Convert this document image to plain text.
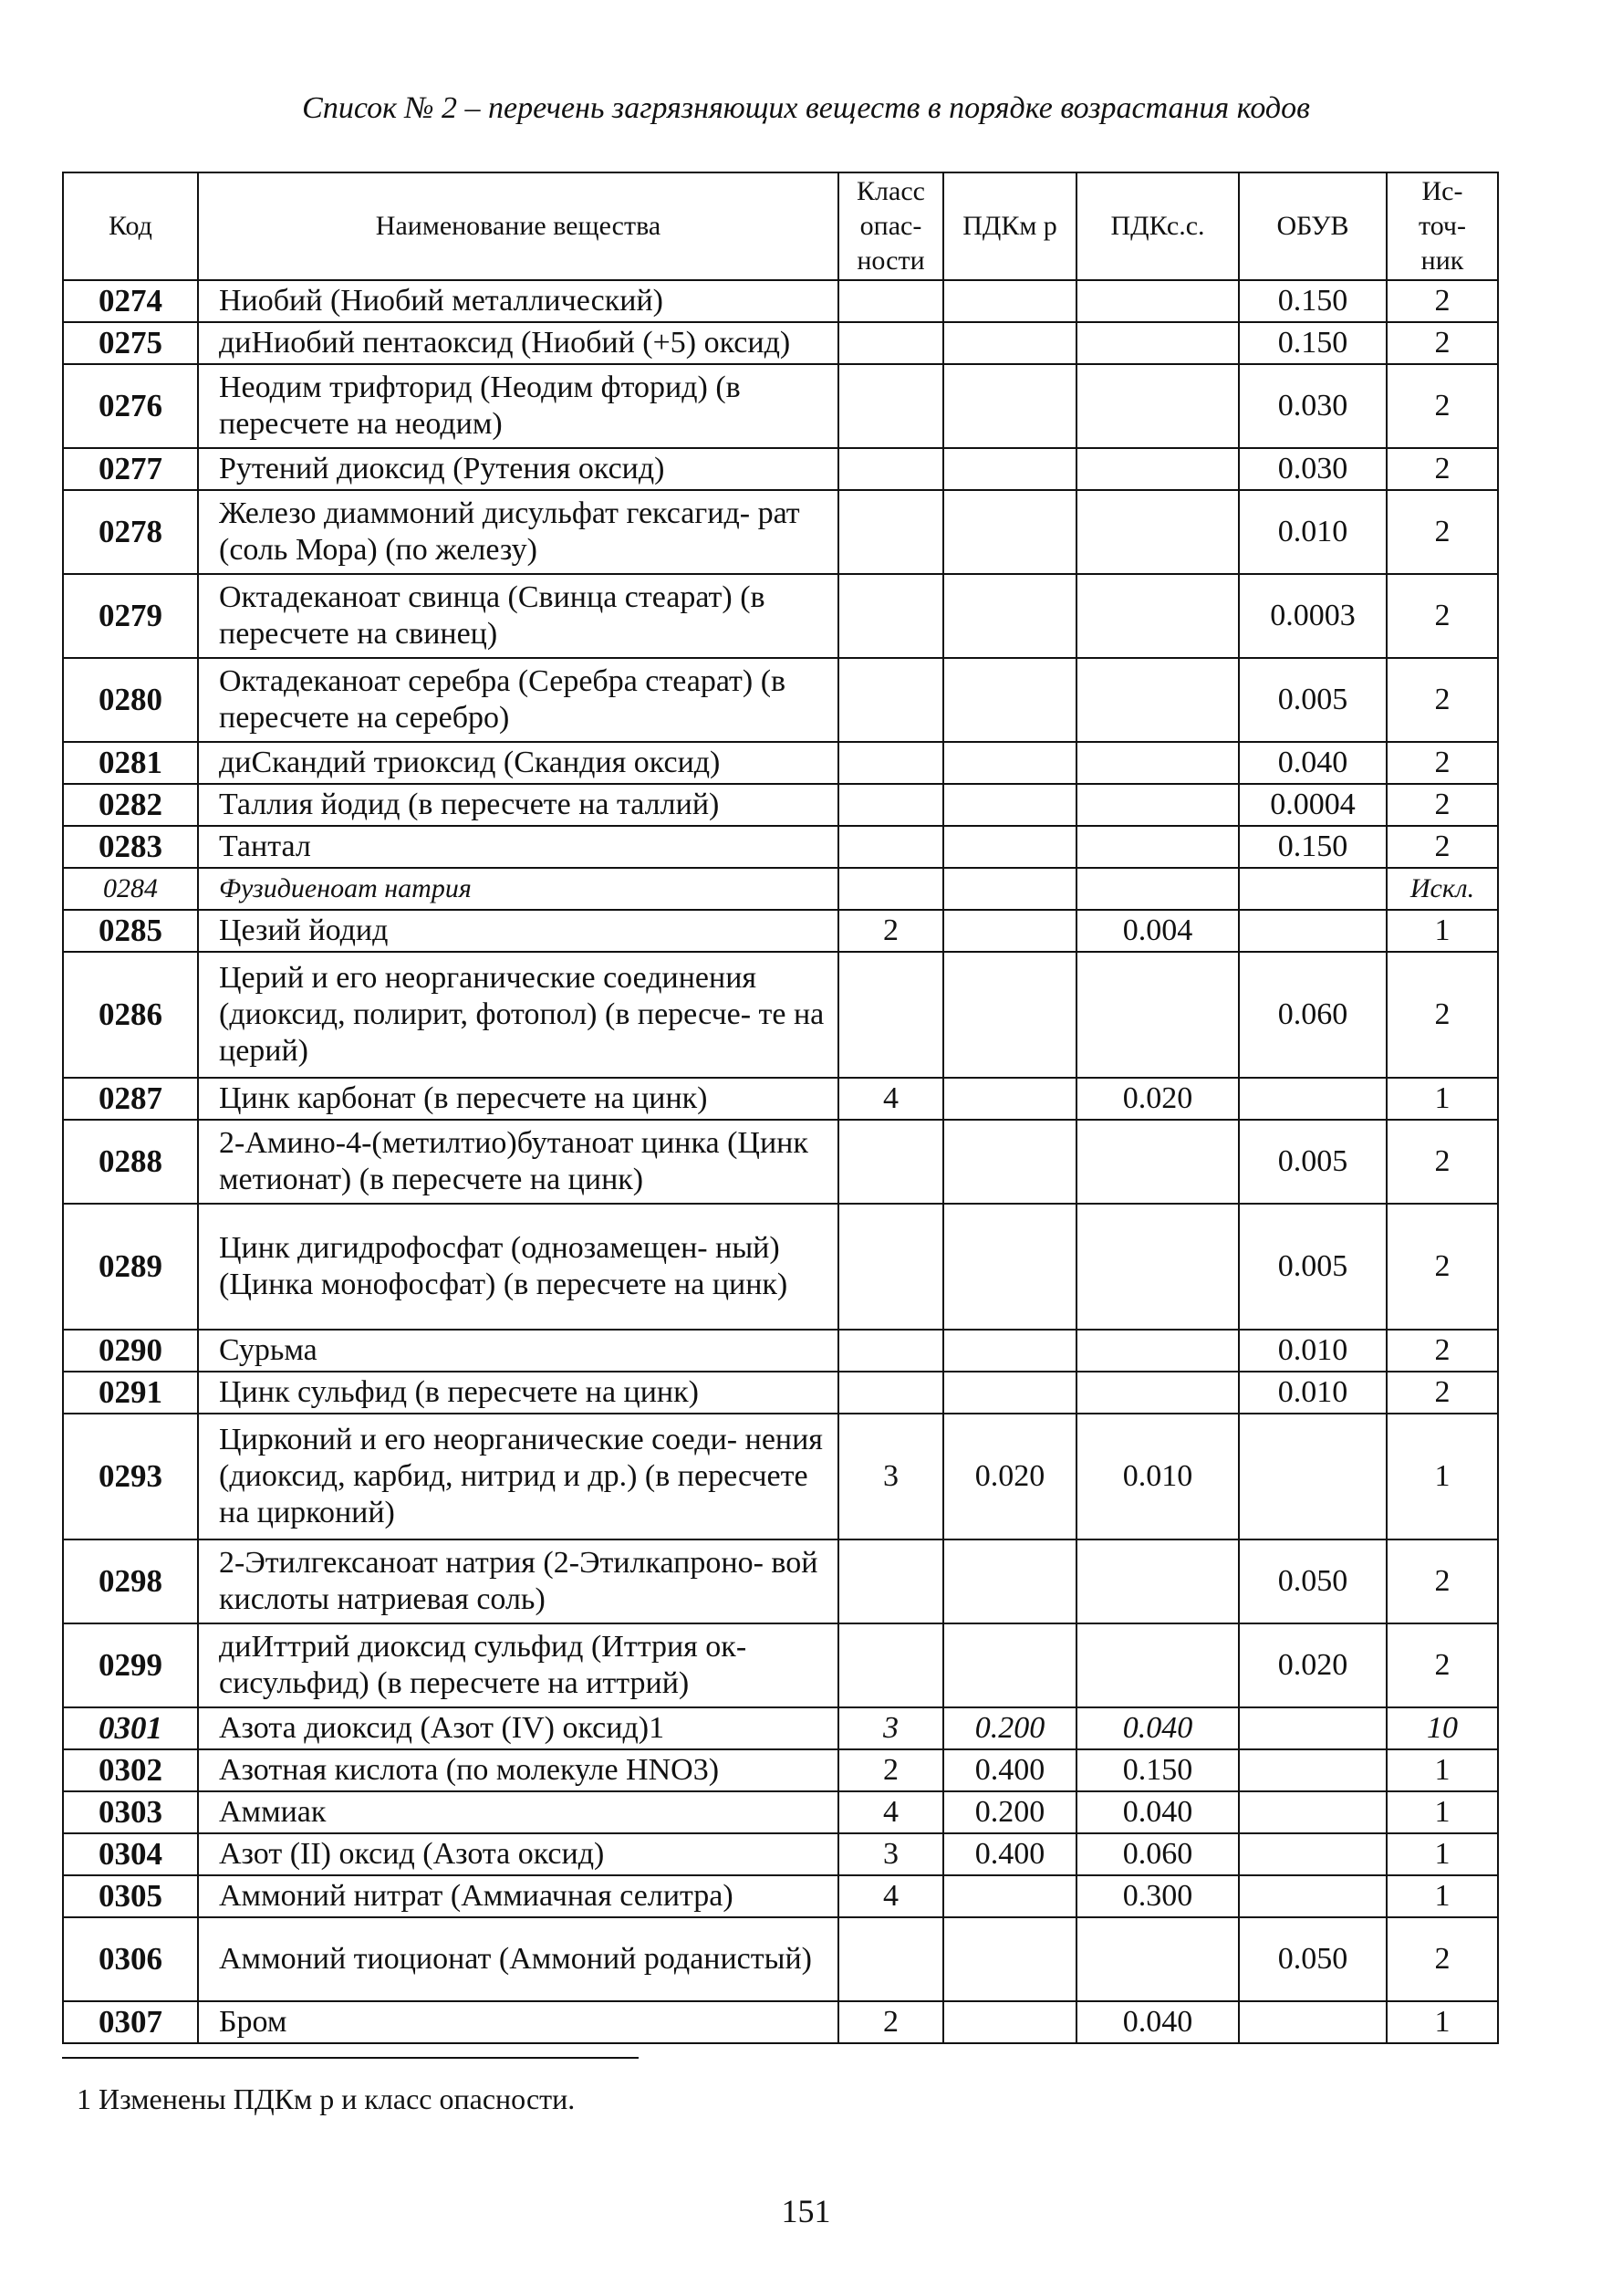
Список № 2 – перечень загрязняющих веществ в порядке возрастания кодов
Код	Наименование вещества	Класс опас- ности	ПДКм р	ПДКс.с.	ОБУВ	Ис- точ- ник
0274	Ниобий (Ниобий металлический)				0.150	2
0275	диНиобий пентаоксид (Ниобий (+5) оксид)				0.150	2
0276	Неодим трифторид (Неодим фторид) (в пересчете на неодим)				0.030	2
0277	Рутений диоксид (Рутения оксид)				0.030	2
0278	Железо диаммоний дисульфат гексагид- рат (соль Мора) (по железу)				0.010	2
0279	Октадеканоат свинца (Свинца стеарат) (в пересчете на свинец)				0.0003	2
0280	Октадеканоат серебра (Серебра стеарат) (в пересчете на серебро)				0.005	2
0281	диСкандий триоксид (Скандия оксид)				0.040	2
0282	Таллия йодид (в пересчете на таллий)				0.0004	2
0283	Тантал				0.150	2
0284	Фузидиеноат натрия					Искл.
0285	Цезий йодид	2		0.004		1
0286	Церий и его неорганические соединения (диоксид, полирит, фотопол) (в пересче- те на церий)				0.060	2
0287	Цинк карбонат (в пересчете на цинк)	4		0.020		1
0288	2-Амино-4-(метилтио)бутаноат цинка (Цинк метионат) (в пересчете на цинк)				0.005	2
0289	Цинк дигидрофосфат (однозамещен- ный) (Цинка монофосфат) (в пересчете на цинк)				0.005	2
0290	Сурьма				0.010	2
0291	Цинк сульфид (в пересчете на цинк)				0.010	2
0293	Цирконий и его неорганические соеди- нения (диоксид, карбид, нитрид и др.) (в пересчете на цирконий)	3	0.020	0.010		1
0298	2-Этилгексаноат натрия (2-Этилкапроно- вой кислоты натриевая соль)				0.050	2
0299	диИттрий диоксид сульфид (Иттрия ок- сисульфид) (в пересчете на иттрий)				0.020	2
0301	Азота диоксид (Азот (IV) оксид)1	3	0.200	0.040		10
0302	Азотная кислота (по молекуле HNO3)	2	0.400	0.150		1
0303	Аммиак	4	0.200	0.040		1
0304	Азот (II) оксид (Азота оксид)	3	0.400	0.060		1
0305	Аммоний нитрат (Аммиачная селитра)	4		0.300		1
0306	Аммоний тиоционат (Аммоний роданистый)				0.050	2
0307	Бром	2		0.040		1
1 Изменены ПДКм р и класс опасности.
151
